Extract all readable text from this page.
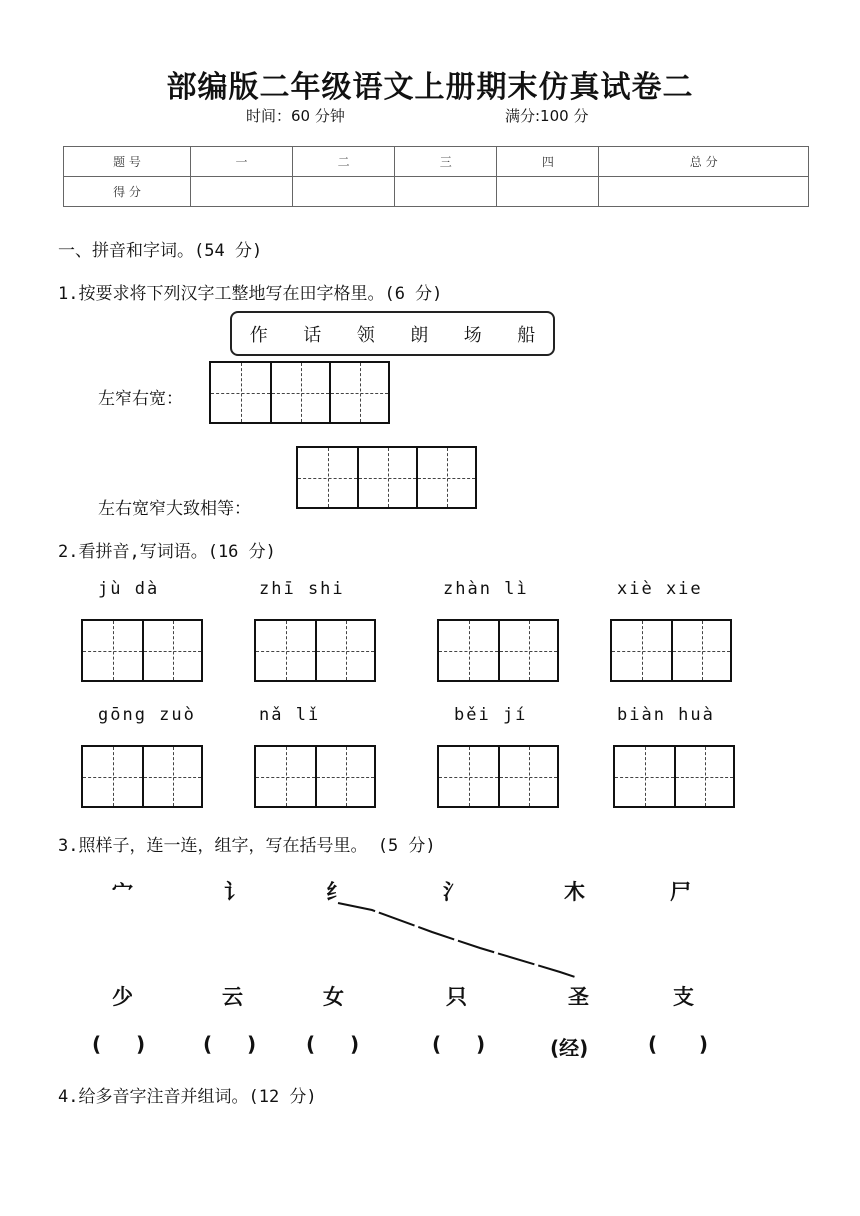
部编版二年级语文上册期末仿真试卷二
时间：60 分钟	满分:100 分
题 号	一	二	三	四	总 分
得 分					
一、拼音和字词。(54 分)
1.按要求将下列汉字工整地写在田字格里。(6 分)
作 话 领 朗 场 船
左窄右宽：
左右宽窄大致相等：
2.看拼音,写词语。(16 分)
jù dà	zhī shi	zhàn lì	xiè xie
gōng zuò	nǎ lǐ	běi jí	biàn huà
3.照样子，连一连，组字，写在括号里。 (5 分)
宀	讠	纟	氵	木	尸
少	云	女	只	圣	支
(     )	(     ) (     )	(     )	(经)	(      )
4.给多音字注音并组词。(12 分)
